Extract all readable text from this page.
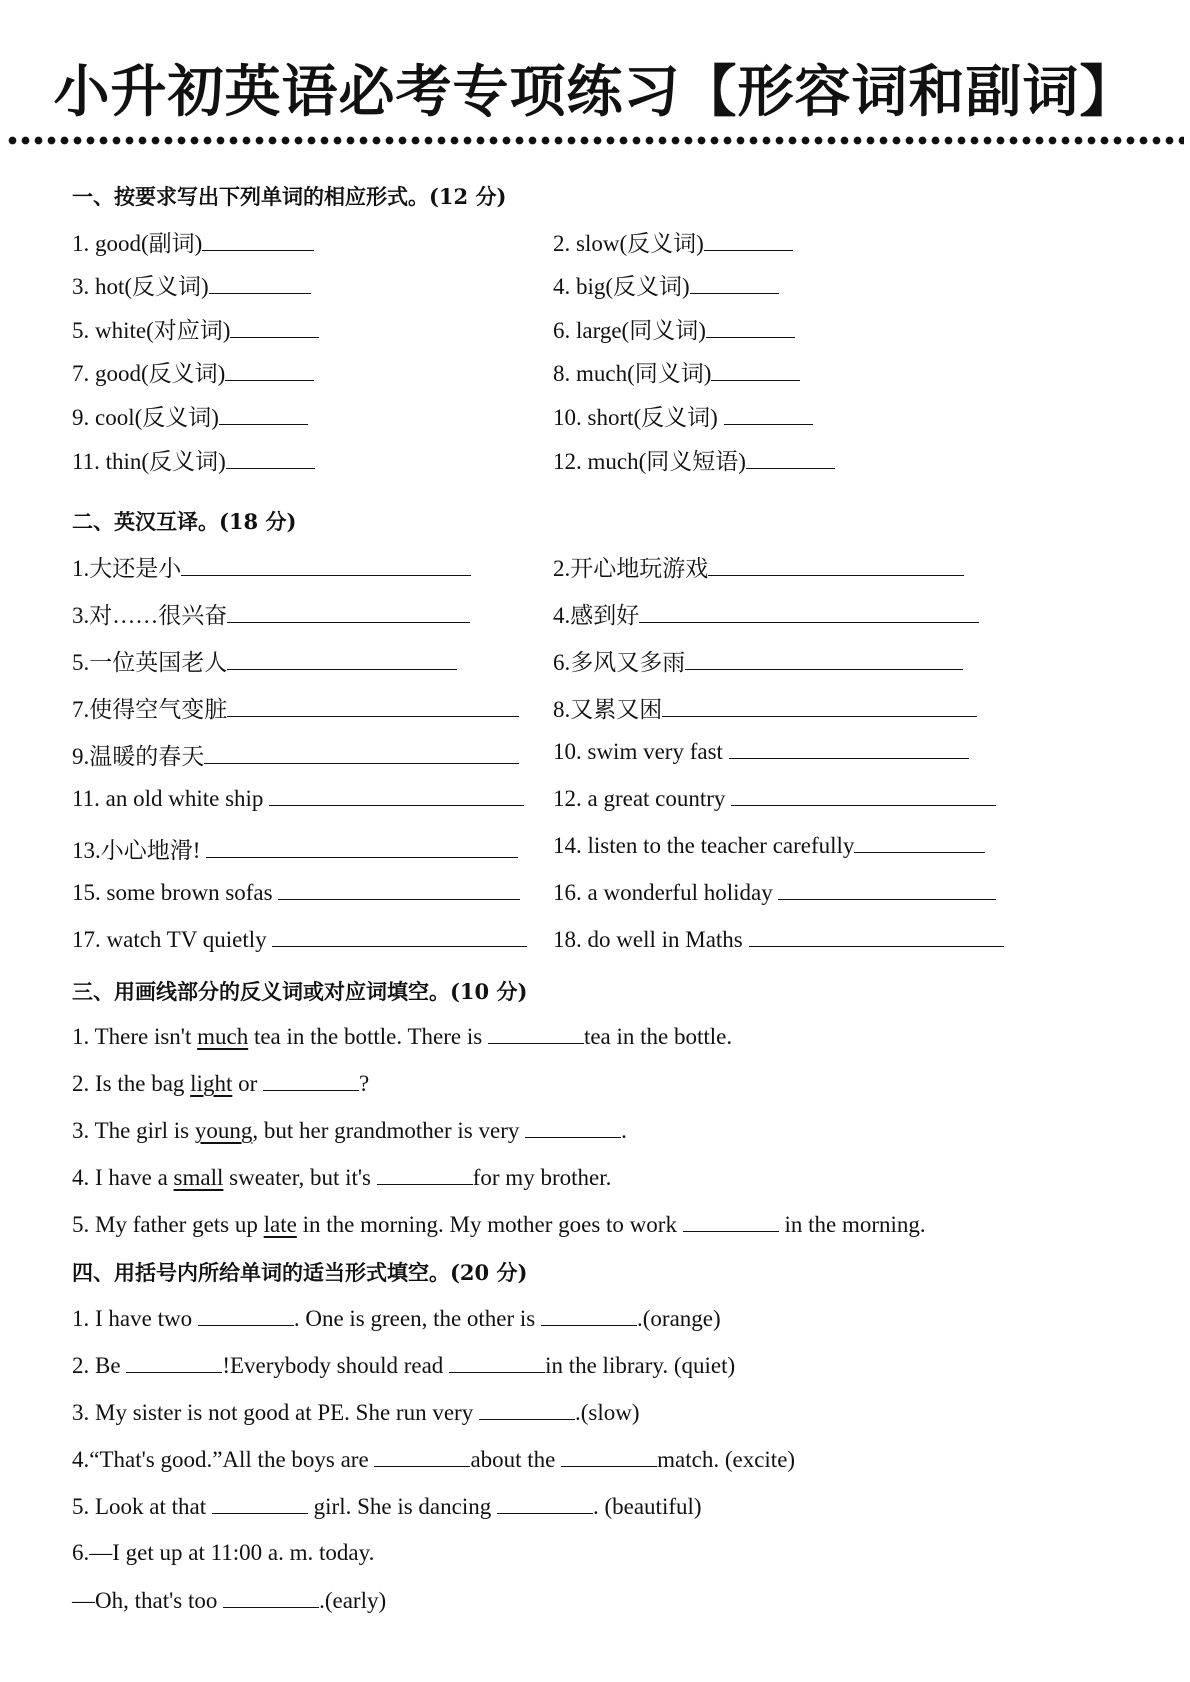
小升初英语必考专项练习【形容词和副词】
一、按要求写出下列单词的相应形式。(12 分)
1. good(副词)	2. slow(反义词)
3. hot(反义词)	4. big(反义词)
5. white(对应词)	6. large(同义词)
7. good(反义词)	8. much(同义词)
9. cool(反义词)	10. short(反义词)
11. thin(反义词)	12. much(同义短语)
二、英汉互译。(18 分)
1.大还是小	2.开心地玩游戏
3.对……很兴奋	4.感到好
5.一位英国老人	6.多风又多雨
7.使得空气变脏	8.又累又困
9.温暖的春天	10. swim very fast
11. an old white ship	12. a great country
13.小心地滑!	14. listen to the teacher carefully
15. some brown sofas	16. a wonderful holiday
17. watch TV quietly	18. do well in Maths
三、用画线部分的反义词或对应词填空。(10 分)
1. There isn't much tea in the bottle. There is	tea in the bottle.
2. Is the bag light or	?
3. The girl is young, but her grandmother is very	.
4. I have a small sweater, but it's	for my brother.
5. My father gets up late in the morning. My mother goes to work	in the morning.
四、用括号内所给单词的适当形式填空。(20 分)
1. I have two	. One is green, the other is	.(orange)
2. Be	!Everybody should read	in the library. (quiet)
3. My sister is not good at PE. She run very	.(slow)
4.“That's good.”All the boys are	about the	match. (excite)
5. Look at that	girl. She is dancing	. (beautiful)
6.—I get up at 11:00 a. m. today.
—Oh, that's too	.(early)
